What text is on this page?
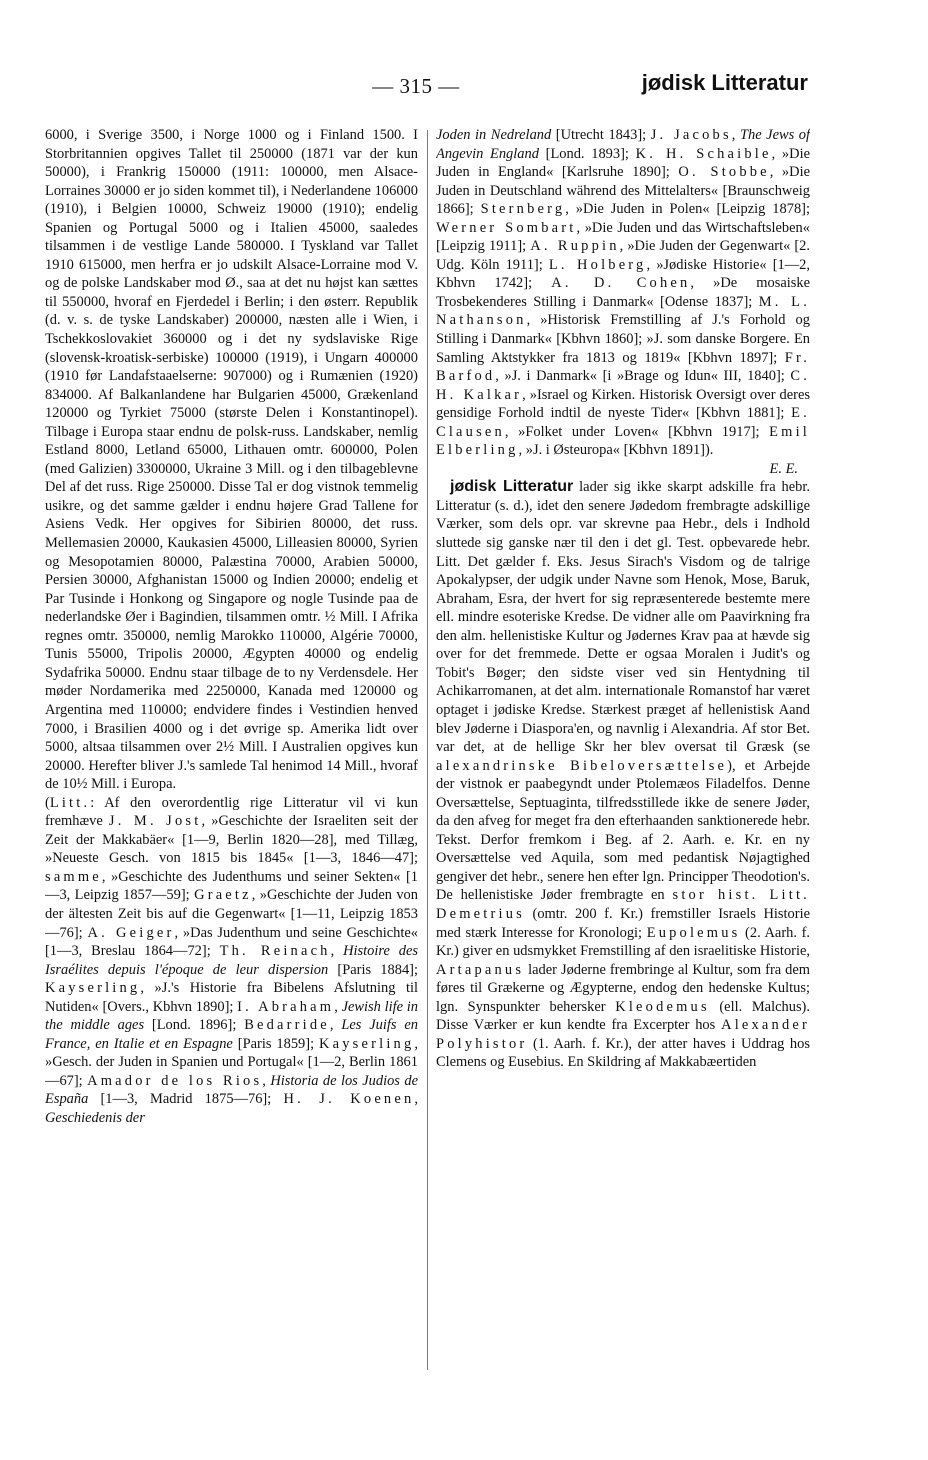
— 315 —	jødisk Litteratur

6000, i Sverige 3500, i Norge 1000 og i Finland 1500. I Storbritannien opgives Tallet til 250000 (1871 var der kun 50000), i Frankrig 150000 (1911: 100000, men Alsace-Lorraines 30000 er jo siden kommet til), i Nederlandene 106000 (1910), i Belgien 10000, Schweiz 19000 (1910); endelig Spanien og Portugal 5000 og i Italien 45000, saaledes tilsammen i de vestlige Lande 580000. I Tyskland var Tallet 1910 615000, men herfra er jo udskilt Alsace-Lorraine mod V. og de polske Landskaber mod Ø., saa at det nu højst kan sættes til 550000, hvoraf en Fjerdedel i Berlin; i den østerr. Republik (d. v. s. de tyske Landskaber) 200000, næsten alle i Wien, i Tschekkoslovakiet 360000 og i det ny sydslaviske Rige (slovensk-kroatisk-serbiske) 100000 (1919), i Ungarn 400000 (1910 før Landafstaaelserne: 907000) og i Rumænien (1920) 834000. Af Balkanlandene har Bulgarien 45000, Grækenland 120000 og Tyrkiet 75000 (største Delen i Konstantinopel). Tilbage i Europa staar endnu de polsk-russ. Landskaber, nemlig Estland 8000, Letland 65000, Lithauen omtr. 600000, Polen (med Galizien) 3300000, Ukraine 3 Mill. og i den tilbageblevne Del af det russ. Rige 250000. Disse Tal er dog vistnok temmelig usikre, og det samme gælder i endnu højere Grad Tallene for Asiens Vedk. Her opgives for Sibirien 80000, det russ. Mellemasien 20000, Kaukasien 45000, Lilleasien 80000, Syrien og Mesopotamien 80000, Palæstina 70000, Arabien 50000, Persien 30000, Afghanistan 15000 og Indien 20000; endelig et Par Tusinde i Honkong og Singapore og nogle Tusinde paa de nederlandske Øer i Bagindien, tilsammen omtr. ½ Mill. I Afrika regnes omtr. 350000, nemlig Marokko 110000, Algérie 70000, Tunis 55000, Tripolis 20000, Ægypten 40000 og endelig Sydafrika 50000. Endnu staar tilbage de to ny Verdensdele. Her møder Nordamerika med 2250000, Kanada med 120000 og Argentina med 110000; endvidere findes i Vestindien henved 7000, i Brasilien 4000 og i det øvrige sp. Amerika lidt over 5000, altsaa tilsammen over 2½ Mill. I Australien opgives kun 20000. Herefter bliver J.'s samlede Tal henimod 14 Mill., hvoraf de 10½ Mill. i Europa.

(Litt.: Af den overordentlig rige Litteratur vil vi kun fremhæve J. M. Jost, »Geschichte der Israeliten seit der Zeit der Makkabäer« [1—9, Berlin 1820—28], med Tillæg, »Neueste Gesch. von 1815 bis 1845« [1—3, 1846—47]; samme, »Geschichte des Judenthums und seiner Sekten« [1—3, Leipzig 1857—59]; Graetz, »Geschichte der Juden von der ältesten Zeit bis auf die Gegenwart« [1—11, Leipzig 1853—76]; A. Geiger, »Das Judenthum und seine Geschichte« [1—3, Breslau 1864—72]; Th. Reinach, Histoire des Israélites depuis l'époque de leur dispersion [Paris 1884]; Kayserling, »J.'s Historie fra Bibelens Afslutning til Nutiden« [Overs., Kbhvn 1890]; I. Abraham, Jewish life in the middle ages [Lond. 1896]; Bedarride, Les Juifs en France, en Italie et en Espagne [Paris 1859]; Kayserling, »Gesch. der Juden in Spanien und Portugal« [1—2, Berlin 1861—67]; Amador de los Rios, Historia de los Judios de España [1—3, Madrid 1875—76]; H. J. Koenen, Geschiedenis der

Joden in Nedreland [Utrecht 1843]; J. Jacobs, The Jews of Angevin England [Lond. 1893]; K. H. Schaible, »Die Juden in England« [Karlsruhe 1890]; O. Stobbe, »Die Juden in Deutschland während des Mittelalters« [Braunschweig 1866]; Sternberg, »Die Juden in Polen« [Leipzig 1878]; Werner Sombart, »Die Juden und das Wirtschaftsleben« [Leipzig 1911]; A. Ruppin, »Die Juden der Gegenwart« [2. Udg. Köln 1911]; L. Holberg, »Jødiske Historie« [1—2, Kbhvn 1742]; A. D. Cohen, »De mosaiske Trosbekenderes Stilling i Danmark« [Odense 1837]; M. L. Nathanson, »Historisk Fremstilling af J.'s Forhold og Stilling i Danmark« [Kbhvn 1860]; »J. som danske Borgere. En Samling Aktstykker fra 1813 og 1819« [Kbhvn 1897]; Fr. Barfod, »J. i Danmark« [i »Brage og Idun« III, 1840]; C. H. Kalkar, »Israel og Kirken. Historisk Oversigt over deres gensidige Forhold indtil de nyeste Tider« [Kbhvn 1881]; E. Clausen, »Folket under Loven« [Kbhvn 1917]; Emil Elberling, »J. i Østeuropa« [Kbhvn 1891]).

E. E.

jødisk Litteratur lader sig ikke skarpt adskille fra hebr. Litteratur (s. d.), idet den senere Jødedom frembragte adskillige Værker, som dels opr. var skrevne paa Hebr., dels i Indhold sluttede sig ganske nær til den i det gl. Test. opbevarede hebr. Litt. Det gælder f. Eks. Jesus Sirach's Visdom og de talrige Apokalypser, der udgik under Navne som Henok, Mose, Baruk, Abraham, Esra, der hvert for sig repræsenterede bestemte mere ell. mindre esoteriske Kredse. De vidner alle om Paavirkning fra den alm. hellenistiske Kultur og Jødernes Krav paa at hævde sig over for det fremmede. Dette er ogsaa Moralen i Judit's og Tobit's Bøger; den sidste viser ved sin Hentydning til Achikarromanen, at det alm. internationale Romanstof har været optaget i jødiske Kredse. Stærkest præget af hellenistisk Aand blev Jøderne i Diaspora'en, og navnlig i Alexandria. Af stor Bet. var det, at de hellige Skr her blev oversat til Græsk (se alexandrinske Bibeloversættelse), et Arbejde der vistnok er paabegyndt under Ptolemæos Filadelfos. Denne Oversættelse, Septuaginta, tilfredsstillede ikke de senere Jøder, da den afveg for meget fra den efterhaanden sanktionerede hebr. Tekst. Derfor fremkom i Beg. af 2. Aarh. e. Kr. en ny Oversættelse ved Aquila, som med pedantisk Nøjagtighed gengiver det hebr., senere hen efter lgn. Principper Theodotion's. De hellenistiske Jøder frembragte en stor hist. Litt. Demetrius (omtr. 200 f. Kr.) fremstiller Israels Historie med stærk Interesse for Kronologi; Eupolemus (2. Aarh. f. Kr.) giver en udsmykket Fremstilling af den israelitiske Historie, Artapanus lader Jøderne frembringe al Kultur, som fra dem føres til Grækerne og Ægypterne, endog den hedenske Kultus; lgn. Synspunkter behersker Kleodemus (ell. Malchus). Disse Værker er kun kendte fra Excerpter hos Alexander Polyhistor (1. Aarh. f. Kr.), der atter haves i Uddrag hos Clemens og Eusebius. En Skildring af Makkabæertiden
